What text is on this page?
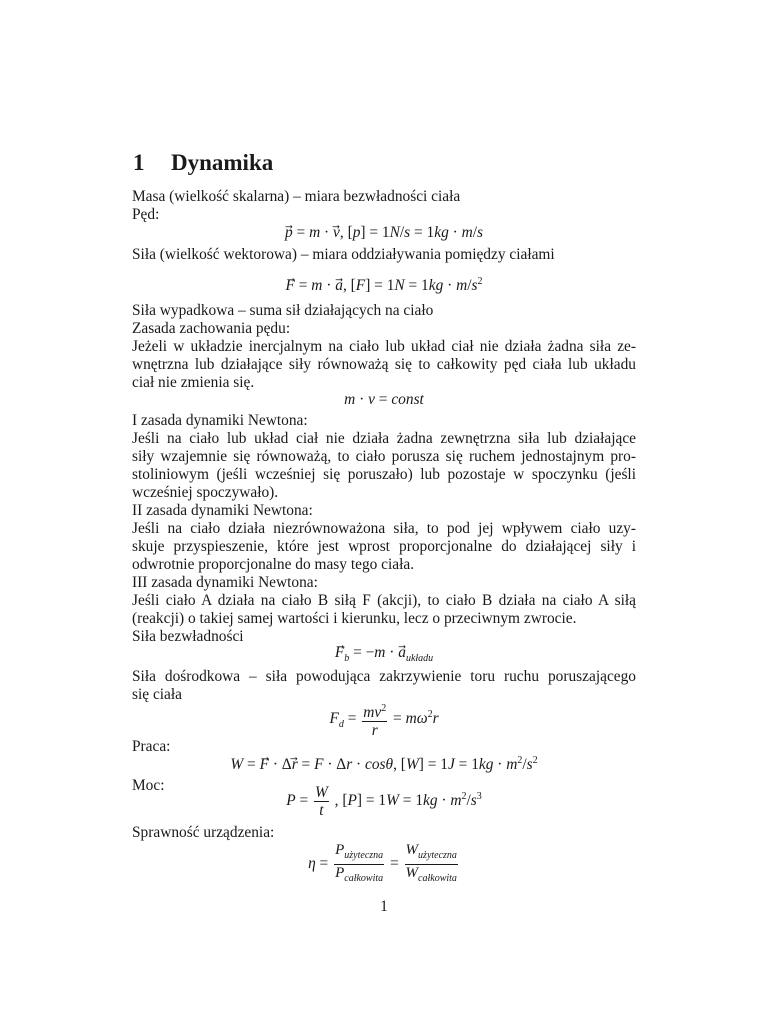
1 Dynamika
Masa (wielkość skalarna) – miara bezwładności ciała
Pęd:
p⃗ = m · v⃗, [p] = 1N/s = 1kg · m/s
Siła (wielkość wektorowa) – miara oddziaływania pomiędzy ciałami
F⃗ = m · a⃗, $[F] = 1N = 1kg \cdot m/s^2$
Siła wypadkowa – suma sił działających na ciało
Zasada zachowania pędu:
Jeżeli w układzie inercjalnym na ciało lub układ ciał nie działa żadna siła ze-
wnętrzna lub działające siły równoważą się to całkowity pęd ciała lub układu
ciał nie zmienia się.
m · v = const
I zasada dynamiki Newtona:
Jeśli na ciało lub układ ciał nie działa żadna zewnętrzna siła lub działające
siły wzajemnie się równoważą, to ciało porusza się ruchem jednostajnym pro-
stoliniowym (jeśli wcześniej się poruszało) lub pozostaje w spoczynku (jeśli
wcześniej spoczywało).
II zasada dynamiki Newtona:
Jeśli na ciało działa niezrównoważona siła, to pod jej wpływem ciało uzy-
skuje przyspieszenie, które jest wprost proporcjonalne do działającej siły i
odwrotnie proporcjonalne do masy tego ciała.
III zasada dynamiki Newtona:
Jeśli ciało A działa na ciało B siłą F (akcji), to ciało B działa na ciało A siłą
(reakcji) o takiej samej wartości i kierunku, lecz o przeciwnym zwrocie.
Siła bezwładności
$F_b = -m \cdot a_{układu}$
Siła dośrodkowa – siła powodująca zakrzywienie toru ruchu poruszającego
się ciała
$F_d = \frac{mv^2}{r} = m\omega^2r$
Praca:
W = F⃗ · Δr⃗ = F · Δr · cosθ, $[W] = 1J = 1kg \cdot m^2/s^2$
Moc:
$P = \frac{W}{t}$ , $[P] = 1W = 1kg \cdot m^2/s^3$
Sprawność urządzenia:
$\eta = \frac{P_{użyteczna}}{P_{całkowita}} = \frac{W_{użyteczna}}{W_{całkowita}}$
1
